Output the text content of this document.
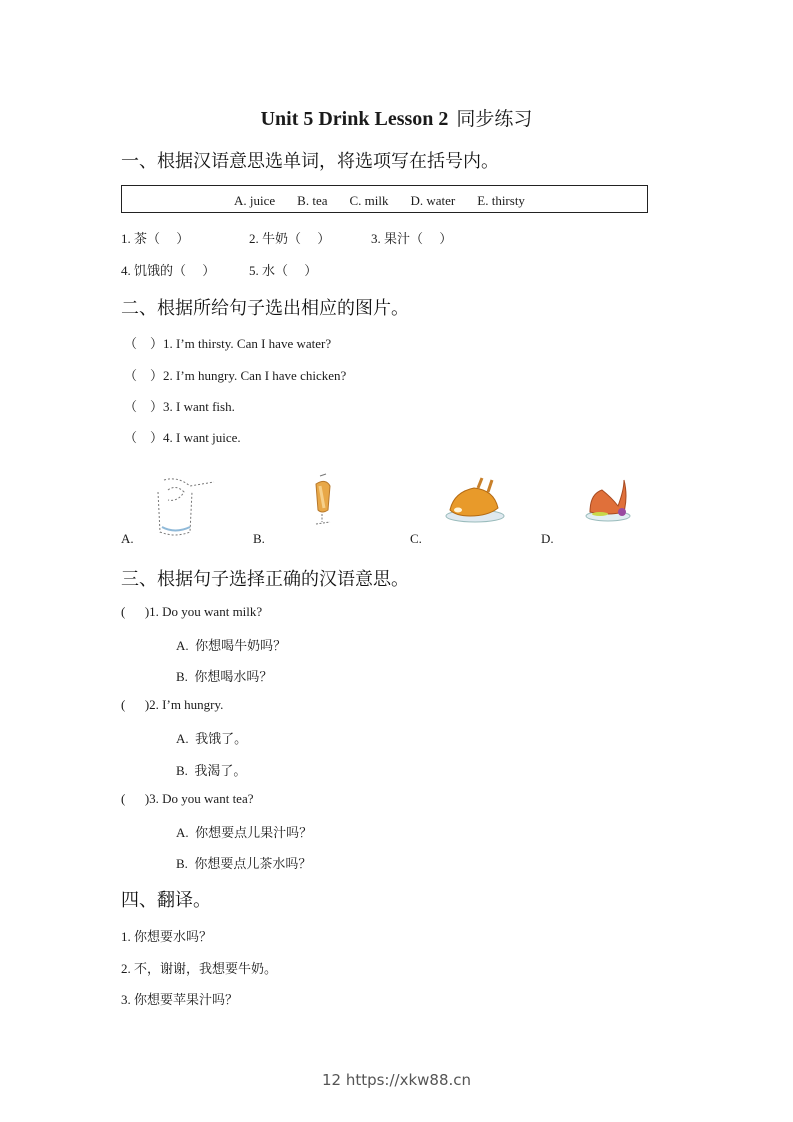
Unit 5 Drink Lesson 2 同步练习
一、根据汉语意思选单词，将选项写在括号内。
A. juice B. tea C. milk D. water E. thirsty
1. 茶（　 ）	2. 牛奶（　 ）	3. 果汁（　 ）
4. 饥饿的（　 ）	5. 水（　 ）
二、根据所给句子选出相应的图片。
（　）1. I’m thirsty. Can I have water?
（　）2. I’m hungry. Can I have chicken?
（　）3. I want fish.
（　）4. I want juice.
A.	B.	C.	D.
三、根据句子选择正确的汉语意思。
(      )1. Do you want milk?
A.  你想喝牛奶吗？
B.  你想喝水吗？
(      )2. I’m hungry.
A.  我饿了。
B.  我渴了。
(      )3. Do you want tea?
A.  你想要点儿果汁吗？
B.  你想要点儿茶水吗？
四、翻译。
1. 你想要水吗？
2. 不，谢谢，我想要牛奶。
3. 你想要苹果汁吗？
12 https://xkw88.cn
